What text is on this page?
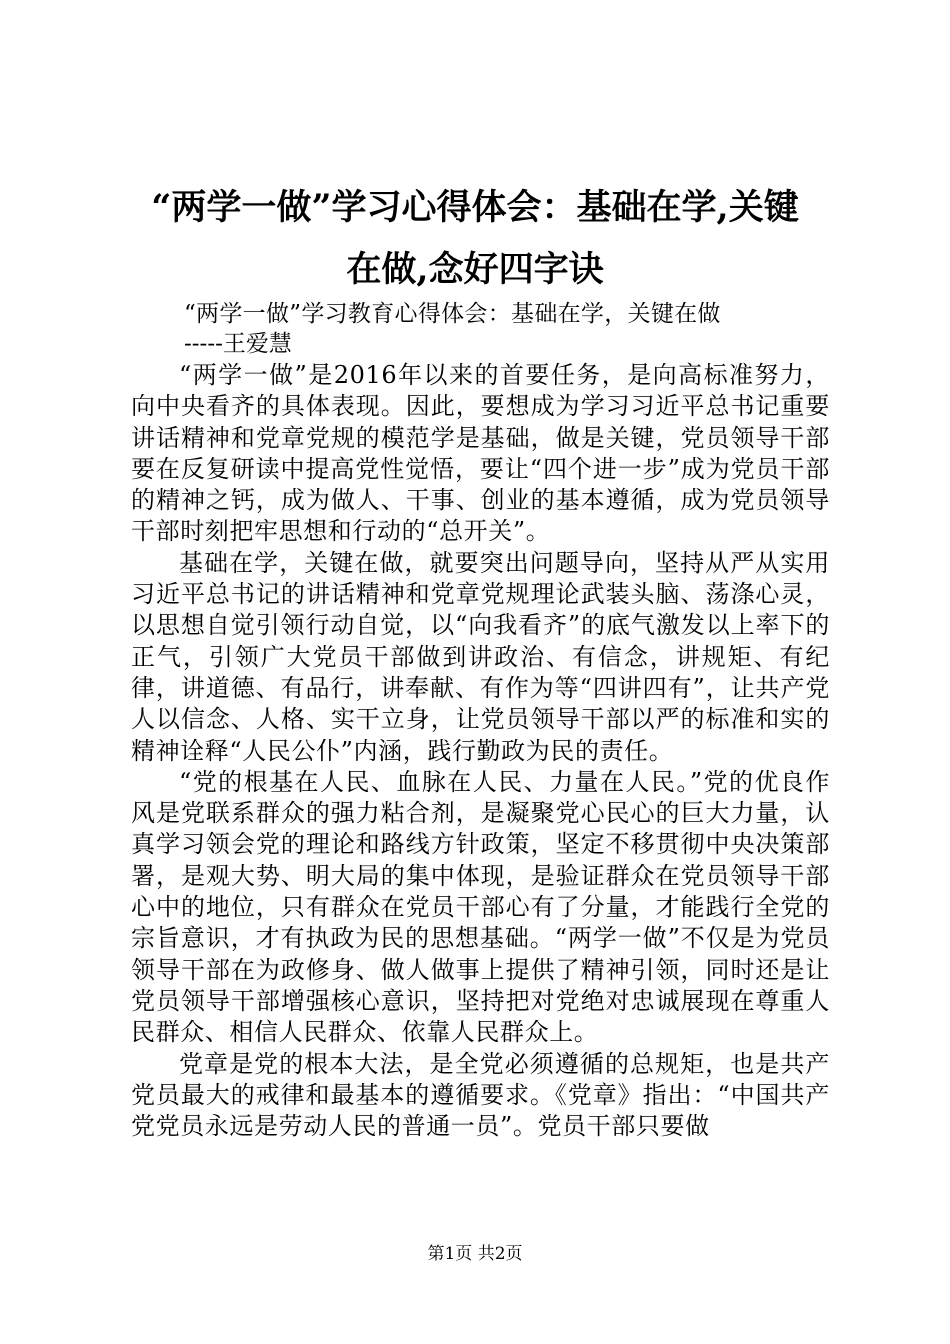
“两学一做”学习心得体会：基础在学,关键
在做,念好四字诀
“两学一做”学习教育心得体会：基础在学，关键在做
-----王爱慧

“两学一做”是2016年以来的首要任务，是向高标准努力，向中央看齐的具体表现。因此，要想成为学习习近平总书记重要讲话精神和党章党规的模范学是基础，做是关键，党员领导干部要在反复研读中提高党性觉悟，要让“四个进一步”成为党员干部的精神之钙，成为做人、干事、创业的基本遵循，成为党员领导干部时刻把牢思想和行动的“总开关”。

基础在学，关键在做，就要突出问题导向，坚持从严从实用习近平总书记的讲话精神和党章党规理论武装头脑、荡涤心灵，以思想自觉引领行动自觉，以“向我看齐”的底气激发以上率下的正气，引领广大党员干部做到讲政治、有信念，讲规矩、有纪律，讲道德、有品行，讲奉献、有作为等“四讲四有”，让共产党人以信念、人格、实干立身，让党员领导干部以严的标准和实的精神诠释“人民公仆”内涵，践行勤政为民的责任。

“党的根基在人民、血脉在人民、力量在人民。”党的优良作风是党联系群众的强力粘合剂，是凝聚党心民心的巨大力量，认真学习领会党的理论和路线方针政策，坚定不移贯彻中央决策部署，是观大势、明大局的集中体现，是验证群众在党员领导干部心中的地位，只有群众在党员干部心有了分量，才能践行全党的宗旨意识，才有执政为民的思想基础。“两学一做”不仅是为党员领导干部在为政修身、做人做事上提供了精神引领，同时还是让党员领导干部增强核心意识，坚持把对党绝对忠诚展现在尊重人民群众、相信人民群众、依靠人民群众上。

党章是党的根本大法，是全党必须遵循的总规矩，也是共产党员最大的戒律和最基本的遵循要求。《党章》指出：“中国共产党党员永远是劳动人民的普通一员”。党员干部只要做

第1页 共2页
